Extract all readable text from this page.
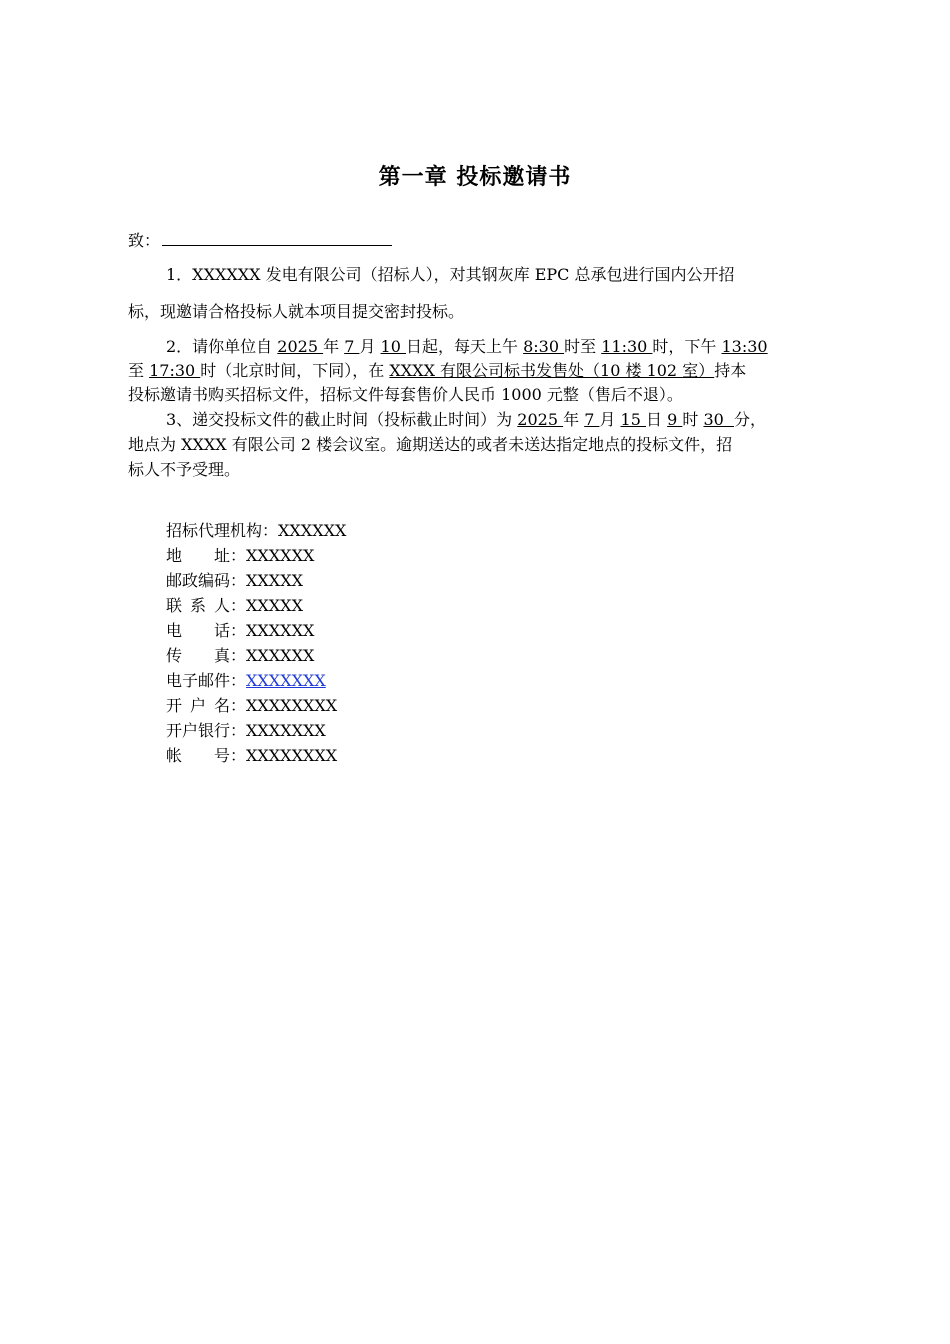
第一章 投标邀请书
致：
1．XXXXXX 发电有限公司（招标人），对其钢灰库 EPC 总承包进行国内公开招
标，现邀请合格投标人就本项目提交密封投标。
2．请你单位自 2025 年 7 月 10 日起，每天上午 8:30 时至 11:30 时，下午 13:30
至 17:30 时（北京时间，下同），在 XXXX 有限公司标书发售处（10 楼 102 室）持本
投标邀请书购买招标文件，招标文件每套售价人民币 1000 元整（售后不退）。
3、递交投标文件的截止时间（投标截止时间）为 2025 年 7 月 15 日 9 时 30  分，
地点为 XXXX 有限公司 2 楼会议室。逾期送达的或者未送达指定地点的投标文件，招
标人不予受理。
招标代理机构：XXXXXX
地 址： XXXXXX
邮政编码：XXXXX
联 系 人： XXXXX
电 话： XXXXXX
传 真： XXXXXX
电子邮件：XXXXXXX
开 户 名： XXXXXXXX
开户银行：XXXXXXX
帐 号： XXXXXXXX
